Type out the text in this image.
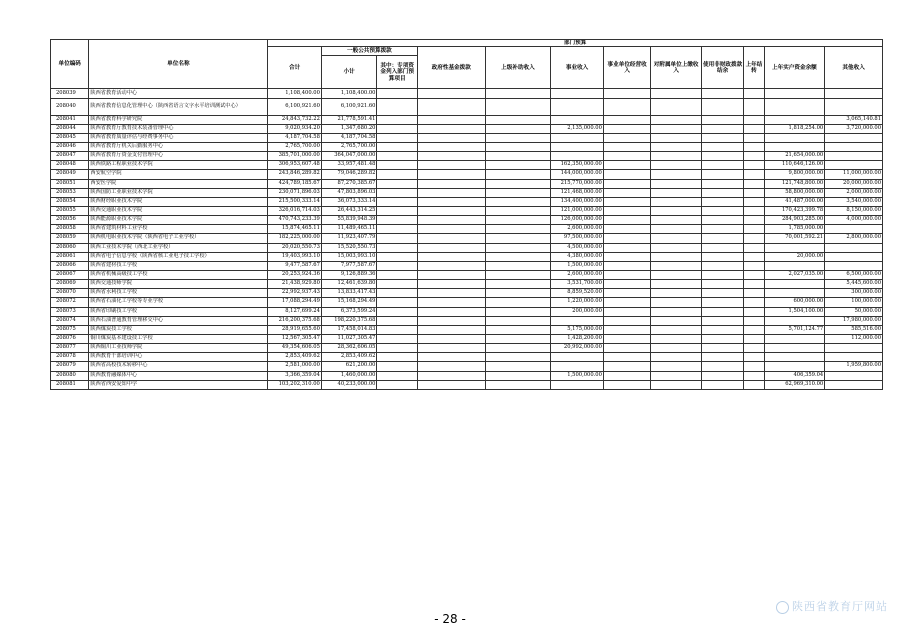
单位编码	单位名称	部门预算											
		合计	一般公共预算拨款		政府性基金拨款	上级补助收入	事业收入	事业单位经营收入	对附属单位上缴收入	使用非财政拨款结余	上年结转	上年实户资金余额	其他收入
			小计	其中：专项资金列入部门预算项目									
208039	陕西省教育活动中心	1,108,400.00	1,108,400.00										
208040	陕西省教育信息化管理中心（陕西省语言文字水平培训测试中心）	6,100,921.60	6,100,921.60										
208041	陕西省教育科学研究院	24,843,732.22	21,778,591.41										3,065,140.81
208044	陕西省教育厅教育技术装备管理中心	9,020,934.20	1,347,680.20				2,135,000.00					1,818,254.00	3,720,000.00
208045	陕西省教育质量评估与经费事务中心	4,187,704.58	4,187,704.58										
208046	陕西省教育厅机关后勤服务中心	2,765,700.00	2,765,700.00										
208047	陕西省教育厅资金支付管理中心	385,701,000.00	364,047,000.00									21,654,000.00	
208048	陕西铁路工程职业技术学院	306,953,607.48	33,957,481.48				162,350,000.00					110,646,126.00	
208049	西安航空学院	243,846,289.82	79,046,289.82				144,000,000.00					9,800,000.00	11,000,000.00
208051	西安医学院	424,789,185.67	87,270,385.67				215,770,000.00					121,748,800.00	20,000,000.00
208053	陕西国防工业职业技术学院	230,071,896.03	47,803,896.03				121,468,000.00					58,800,000.00	2,000,000.00
208054	陕西财经职业技术学院	215,500,333.14	36,073,333.14				134,400,000.00					41,487,000.00	3,540,000.00
208055	陕西交通职业技术学院	326,016,714.03	26,443,314.25				121,000,000.00					170,423,399.78	8,150,000.00
208056	陕西能源职业技术学院	470,743,233.39	55,839,948.39				126,000,000.00					284,903,285.00	4,000,000.00
208058	陕西省建筑材料工业学校	15,874,465.11	11,489,465.11				2,600,000.00					1,785,000.00	
208059	陕西机电职业技术学院（陕西省电子工业学校）	182,225,000.00	11,923,407.79				97,500,000.00					70,001,592.21	2,800,000.00
208060	陕西工业技术学院（西北工业学校）	20,020,550.73	15,520,550.73				4,500,000.00						
208061	陕西省电子信息学校（陕西省核工业电子技工学校）	19,403,993.10	15,003,993.10				4,380,000.00					20,000.00	
208066	陕西省建材技工学校	9,477,587.67	7,977,587.67				1,500,000.00						
208067	陕西省机械高级技工学校	20,253,924.36	9,126,889.36				2,600,000.00					2,027,035.00	6,500,000.00
208069	陕西交通技师学院	21,438,929.80	12,461,639.80				3,531,700.00						5,445,600.00
208070	陕西省水利技工学校	22,992,937.43	13,833,417.43				8,859,520.00						300,000.00
208072	陕西省石油化工学校等专业学校	17,088,294.49	15,168,294.49				1,220,000.00					600,000.00	100,000.00
208073	陕西省印刷技工学校	8,127,699.24	6,373,599.24				200,000.00					1,504,100.00	50,000.00
208074	陕西石油普通教育管理移交中心	216,200,375.68	198,220,375.68										17,980,000.00
208075	陕西煤炭技工学校	28,919,655.60	17,458,014.83				5,175,000.00					5,701,124.77	585,516.00
208076	铜川煤炭基本建设技工学校	12,567,305.47	11,027,305.47				1,428,200.00						112,000.00
208077	陕西铜川工业技师学院	49,354,606.05	28,362,606.05				20,992,000.00						
208078	陕西教育干部培训中心	2,853,409.62	2,853,409.62										
208079	陕西省高校技术转移中心	2,581,000.00	621,200.00										1,959,800.00
208080	陕西教育融媒体中心	3,366,359.04	1,460,000.00				1,500,000.00					406,359.04	
208081	陕西省西安爱知中学	103,202,310.00	40,233,000.00									62,969,310.00	
- 28 -
陕西省教育厅网站
